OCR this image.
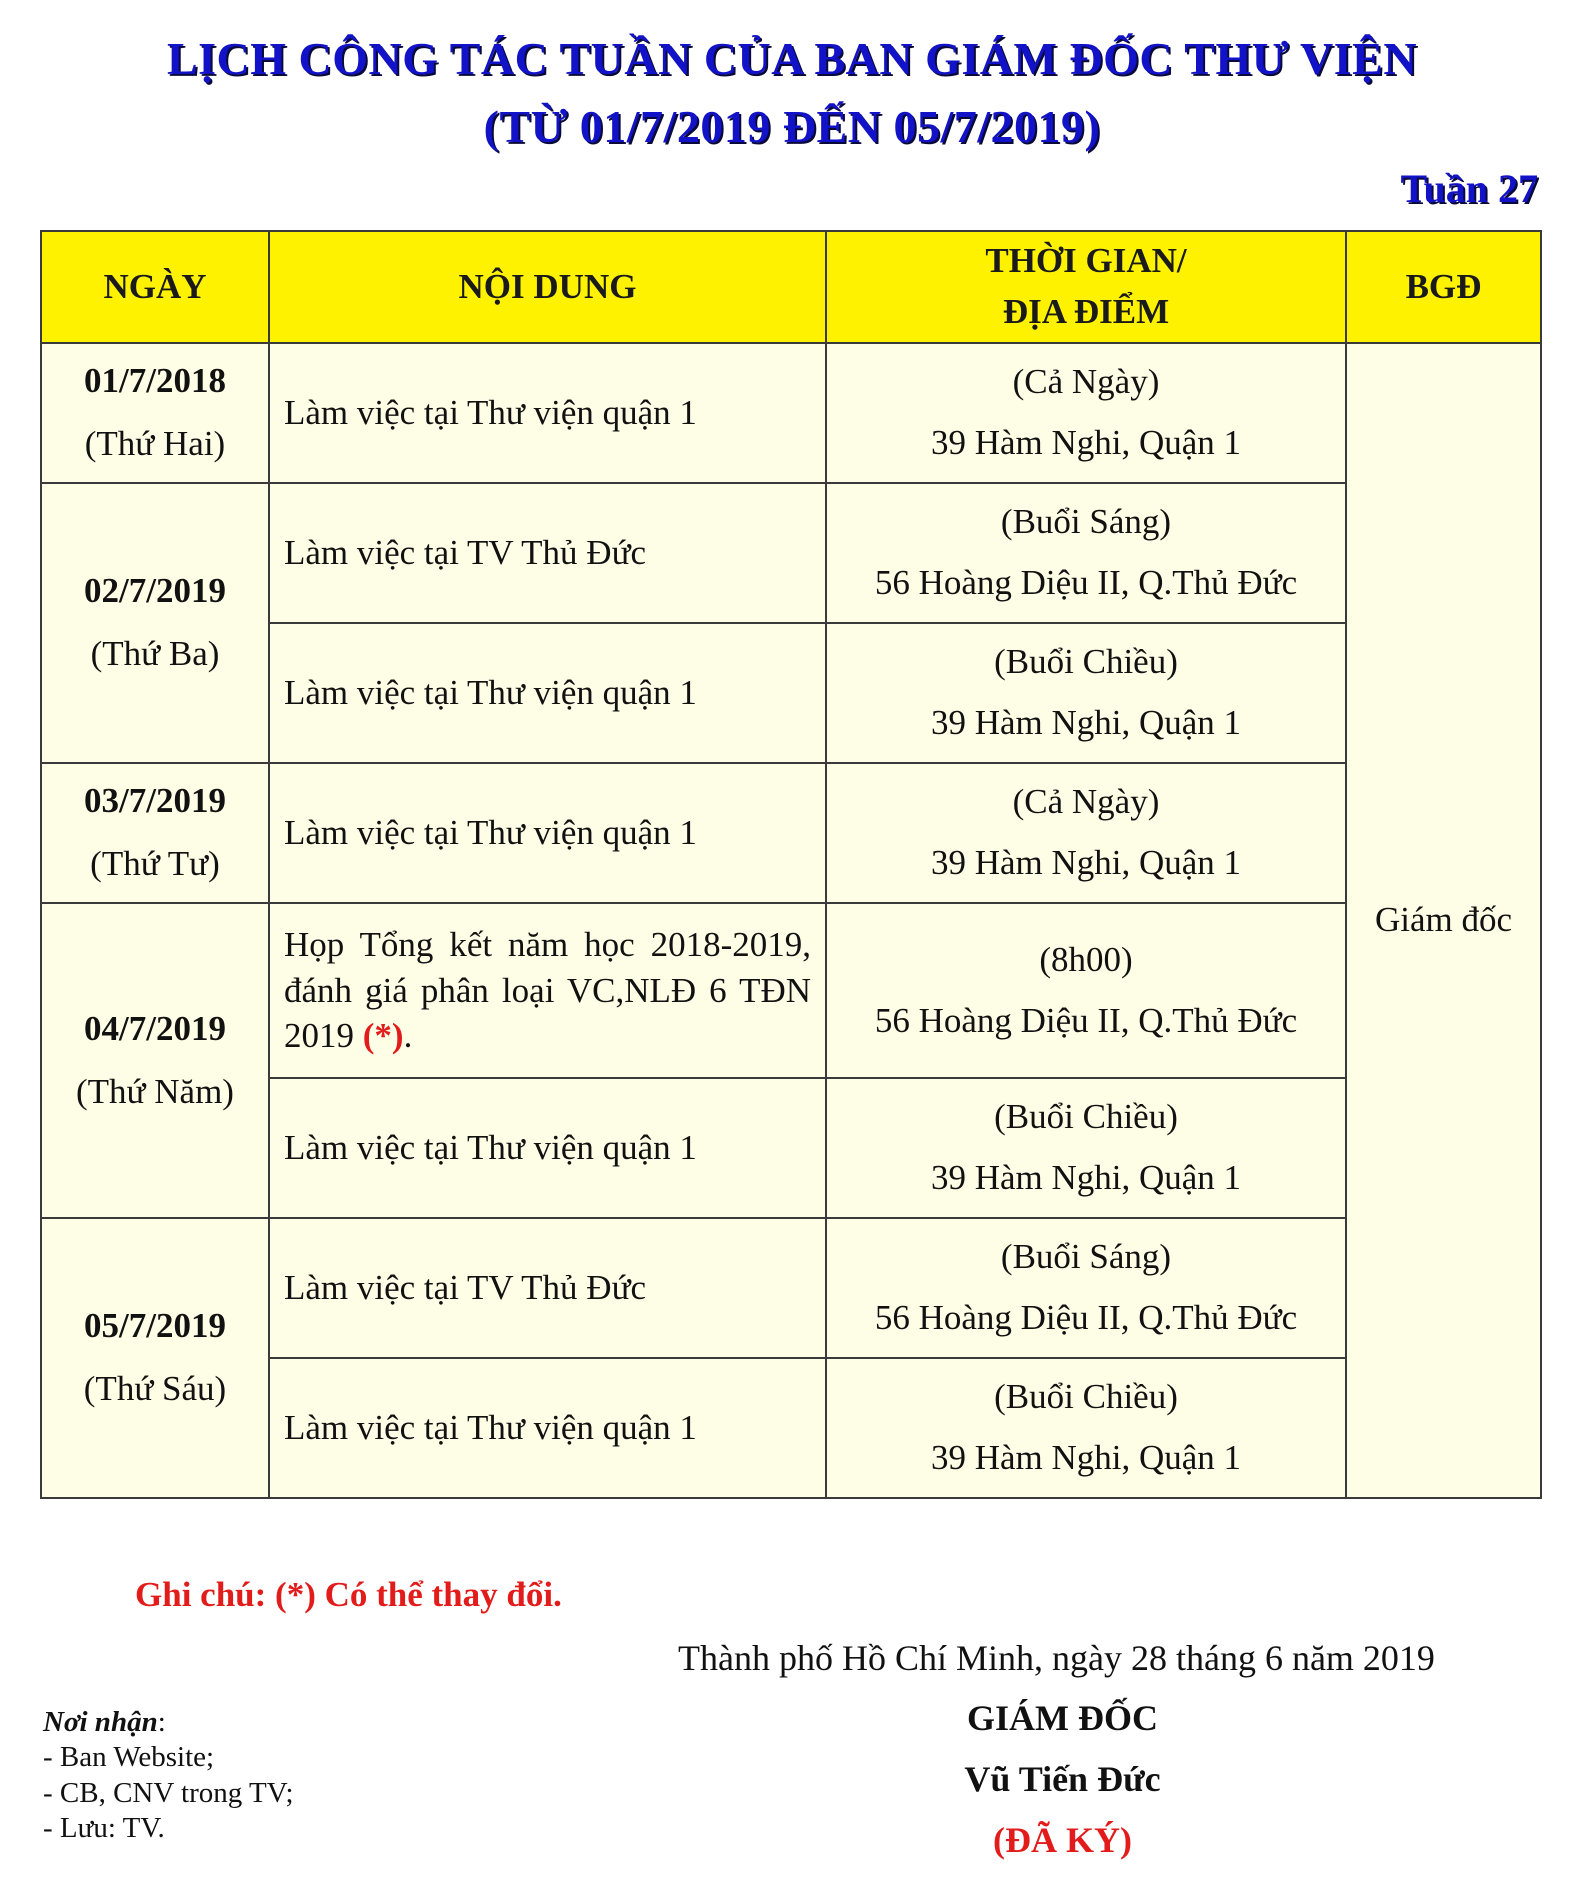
LỊCH CÔNG TÁC TUẦN CỦA BAN GIÁM ĐỐC THƯ VIỆN
(TỪ 01/7/2019 ĐẾN 05/7/2019)
Tuần 27
NGÀY	NỘI DUNG	THỜI GIAN/
ĐỊA ĐIỂM	BGĐ

01/7/2018
(Thứ Hai)	Làm việc tại Thư viện quận 1	(Cả Ngày)
39 Hàm Nghi, Quận 1	Giám đốc

02/7/2019
(Thứ Ba)	Làm việc tại TV Thủ Đức	(Buổi Sáng)
56 Hoàng Diệu II, Q.Thủ Đức	

	Làm việc tại Thư viện quận 1	(Buổi Chiều)
39 Hàm Nghi, Quận 1	

03/7/2019
(Thứ Tư)	Làm việc tại Thư viện quận 1	(Cả Ngày)
39 Hàm Nghi, Quận 1	

04/7/2019
(Thứ Năm)	Họp Tổng kết năm học 2018-2019, đánh giá phân loại VC,NLĐ 6 TĐN 2019 (*).	(8h00)
56 Hoàng Diệu II, Q.Thủ Đức	

	Làm việc tại Thư viện quận 1	(Buổi Chiều)
39 Hàm Nghi, Quận 1	

05/7/2019
(Thứ Sáu)	Làm việc tại TV Thủ Đức	(Buổi Sáng)
56 Hoàng Diệu II, Q.Thủ Đức	

	Làm việc tại Thư viện quận 1	(Buổi Chiều)
39 Hàm Nghi, Quận 1	
Ghi chú: (*) Có thể thay đổi.
Thành phố Hồ Chí Minh, ngày 28 tháng 6 năm 2019
GIÁM ĐỐC
Vũ Tiến Đức
(ĐÃ KÝ)
Nơi nhận:
- Ban Website;
- CB, CNV trong TV;
- Lưu: TV.
